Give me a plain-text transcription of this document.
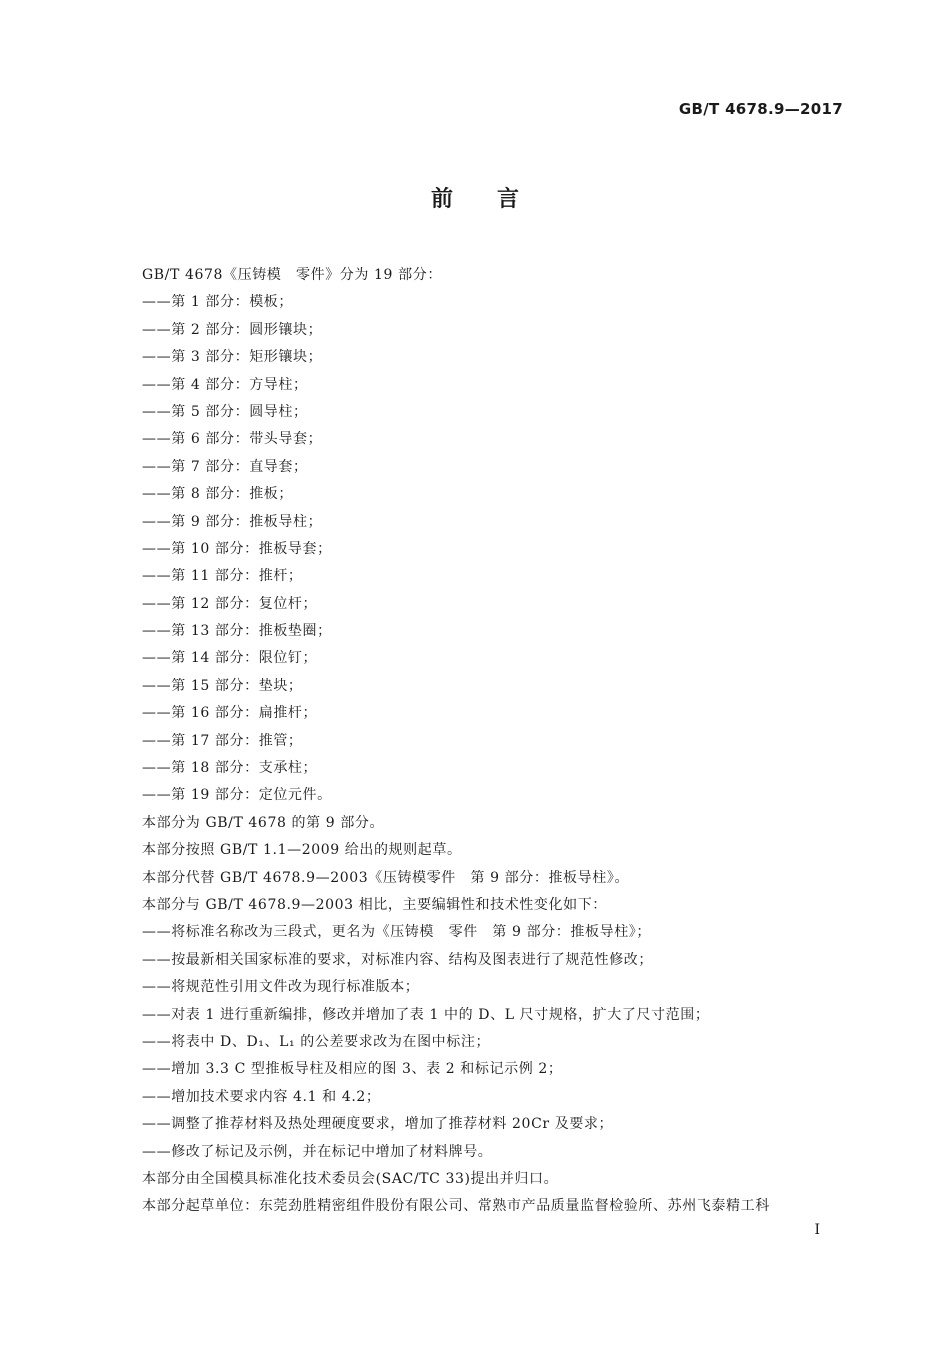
GB/T 4678.9—2017
前言
GB/T 4678《压铸模　零件》分为 19 部分：
——第 1 部分：模板；
——第 2 部分：圆形镶块；
——第 3 部分：矩形镶块；
——第 4 部分：方导柱；
——第 5 部分：圆导柱；
——第 6 部分：带头导套；
——第 7 部分：直导套；
——第 8 部分：推板；
——第 9 部分：推板导柱；
——第 10 部分：推板导套；
——第 11 部分：推杆；
——第 12 部分：复位杆；
——第 13 部分：推板垫圈；
——第 14 部分：限位钉；
——第 15 部分：垫块；
——第 16 部分：扁推杆；
——第 17 部分：推管；
——第 18 部分：支承柱；
——第 19 部分：定位元件。
本部分为 GB/T 4678 的第 9 部分。
本部分按照 GB/T 1.1—2009 给出的规则起草。
本部分代替 GB/T 4678.9—2003《压铸模零件　第 9 部分：推板导柱》。
本部分与 GB/T 4678.9—2003 相比，主要编辑性和技术性变化如下：
——将标准名称改为三段式，更名为《压铸模　零件　第 9 部分：推板导柱》；
——按最新相关国家标准的要求，对标准内容、结构及图表进行了规范性修改；
——将规范性引用文件改为现行标准版本；
——对表 1 进行重新编排，修改并增加了表 1 中的 D、L 尺寸规格，扩大了尺寸范围；
——将表中 D、D₁、L₁ 的公差要求改为在图中标注；
——增加 3.3 C 型推板导柱及相应的图 3、表 2 和标记示例 2；
——增加技术要求内容 4.1 和 4.2；
——调整了推荐材料及热处理硬度要求，增加了推荐材料 20Cr 及要求；
——修改了标记及示例，并在标记中增加了材料牌号。
本部分由全国模具标准化技术委员会(SAC/TC 33)提出并归口。
本部分起草单位：东莞劲胜精密组件股份有限公司、常熟市产品质量监督检验所、苏州飞泰精工科
I
